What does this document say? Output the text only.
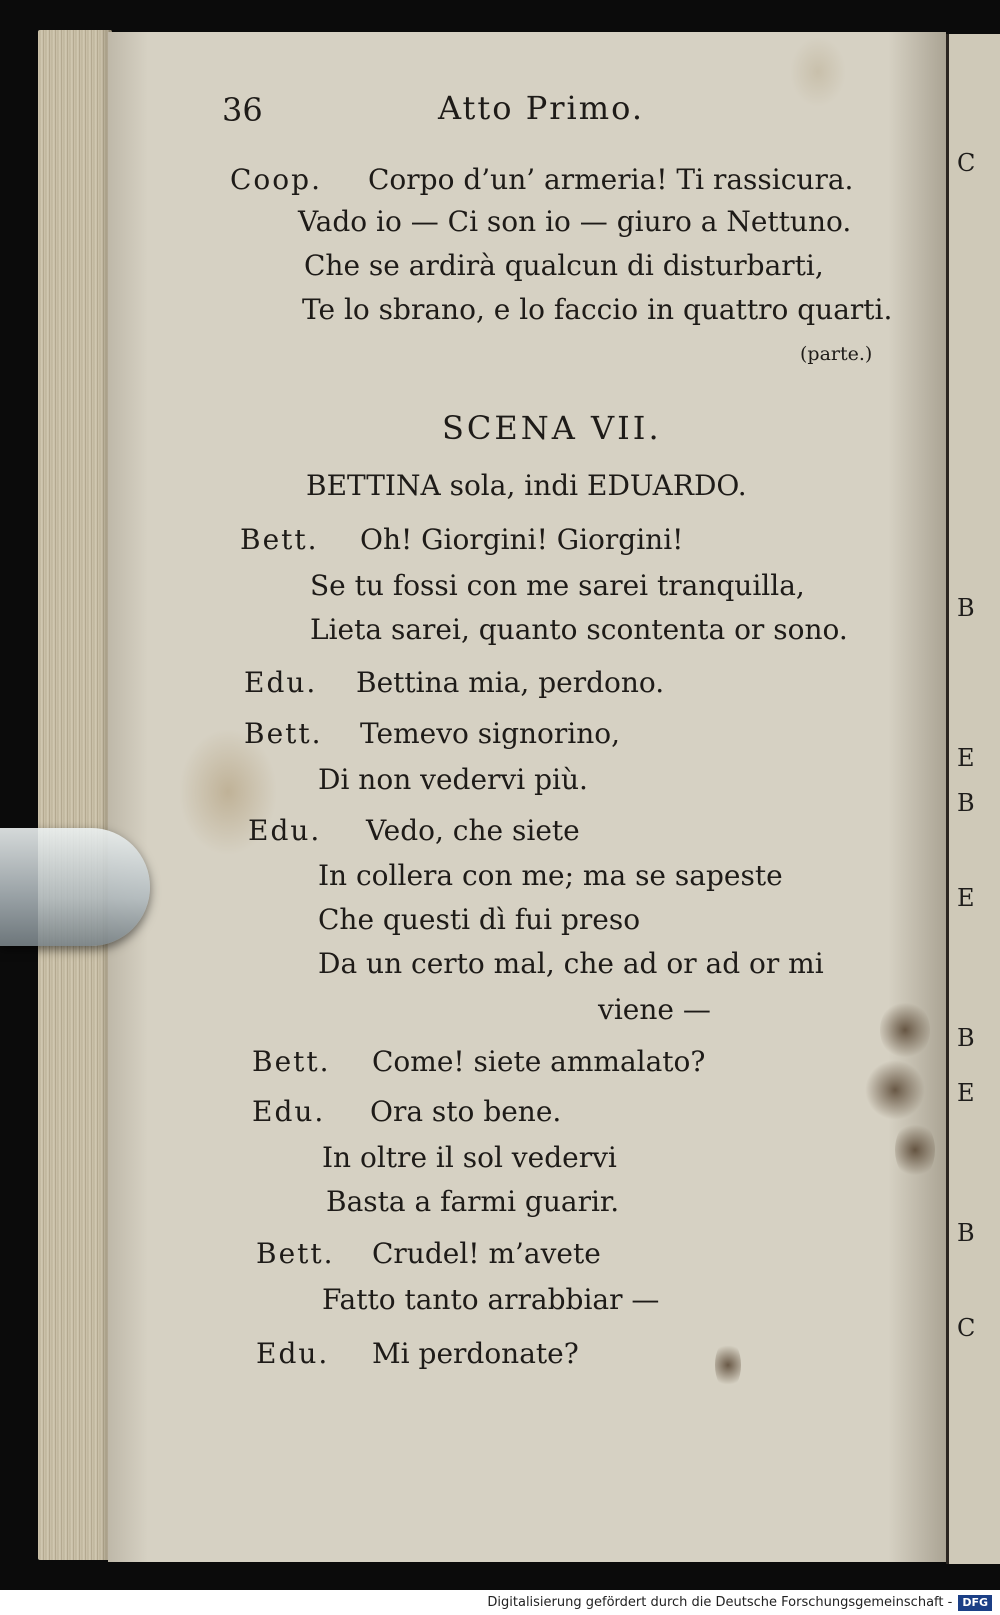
C
B
E
B
E
B
E
B
C
36	Atto Primo.
Coop. Corpo d’un’ armeria! Ti rassicura.
Vado io — Ci son io — giuro a Nettuno.
Che se ardirà qualcun di disturbarti,
Te lo sbrano, e lo faccio in quattro quarti.
(parte.)
SCENA VII.
BETTINA sola, indi EDUARDO.
Bett. Oh! Giorgini! Giorgini!
Se tu fossi con me sarei tranquilla,
Lieta sarei, quanto scontenta or sono.
Edu. Bettina mia, perdono.
Bett. Temevo signorino,
Di non vedervi più.
Edu. Vedo, che siete
In collera con me; ma se sapeste
Che questi dì fui preso
Da un certo mal, che ad or ad or mi
viene —
Bett. Come! siete ammalato?
Edu. Ora sto bene.
In oltre il sol vedervi
Basta a farmi guarir.
Bett. Crudel! m’avete
Fatto tanto arrabbiar —
Edu. Mi perdonate?
Digitalisierung gefördert durch die Deutsche Forschungsgemeinschaft - DFG
